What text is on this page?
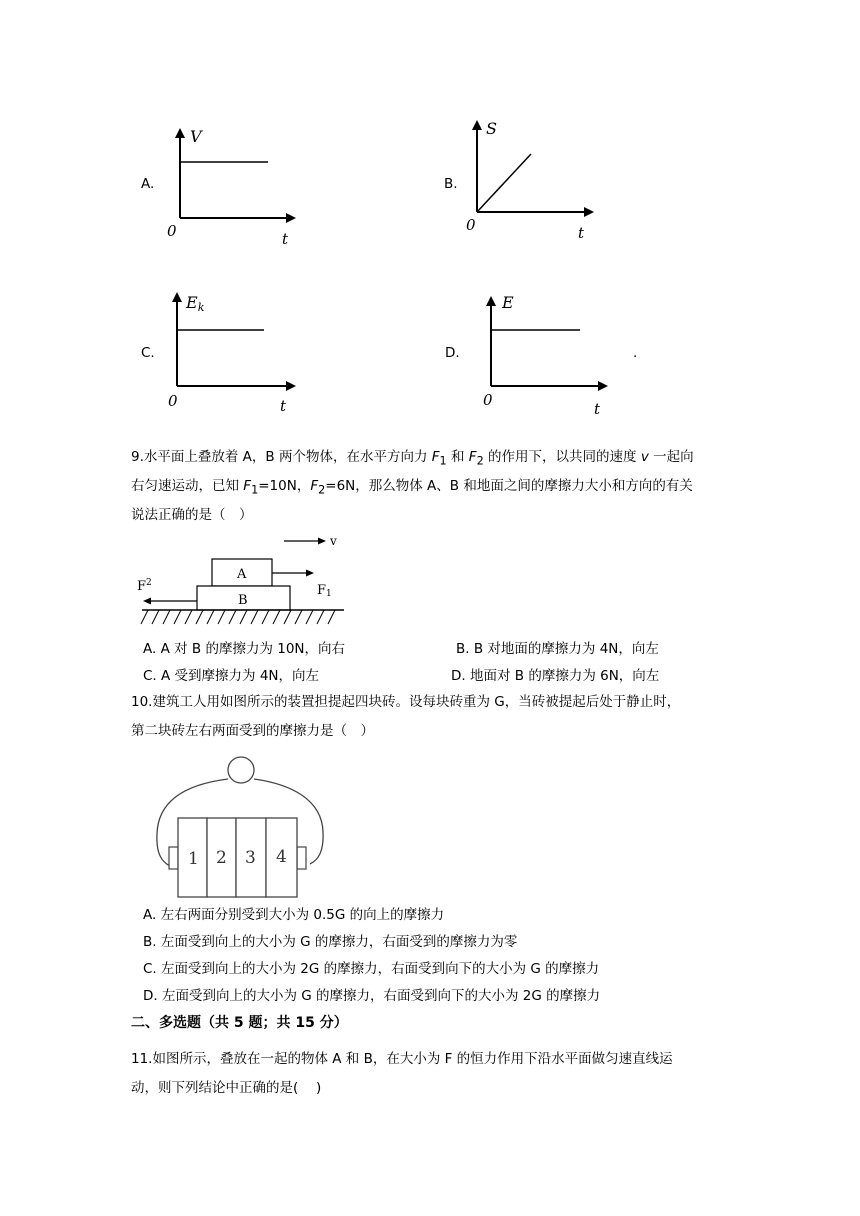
A.
V
0	t
B.
S
0	t
C.
Ek
0	t
D.
E
0	t
.
9.水平面上叠放着 A，B 两个物体，在水平方向力 $F_1$ 和 $F_2$ 的作用下，以共同的速度 v 一起向
右匀速运动，已知 $F_1=10N$，$F_2=6N$，那么物体 A、B 和地面之间的摩擦力大小和方向的有关
说法正确的是（　）
v
A
F1
B
$F^2$
A. A 对 B 的摩擦力为 10N，向右	B. B 对地面的摩擦力为 4N，向左
C. A 受到摩擦力为 4N，向左	D. 地面对 B 的摩擦力为 6N，向左
10.建筑工人用如图所示的装置担提起四块砖。设每块砖重为 G，当砖被提起后处于静止时，
第二块砖左右两面受到的摩擦力是（　）
1 2 3 4
A. 左右两面分别受到大小为 0.5G 的向上的摩擦力
B. 左面受到向上的大小为 G 的摩擦力，右面受到的摩擦力为零
C. 左面受到向上的大小为 2G 的摩擦力，右面受到向下的大小为 G 的摩擦力
D. 左面受到向上的大小为 G 的摩擦力，右面受到向下的大小为 2G 的摩擦力
二、多选题（共 5 题；共 15 分）
11.如图所示，叠放在一起的物体 A 和 B，在大小为 F 的恒力作用下沿水平面做匀速直线运
动，则下列结论中正确的是(　 )
